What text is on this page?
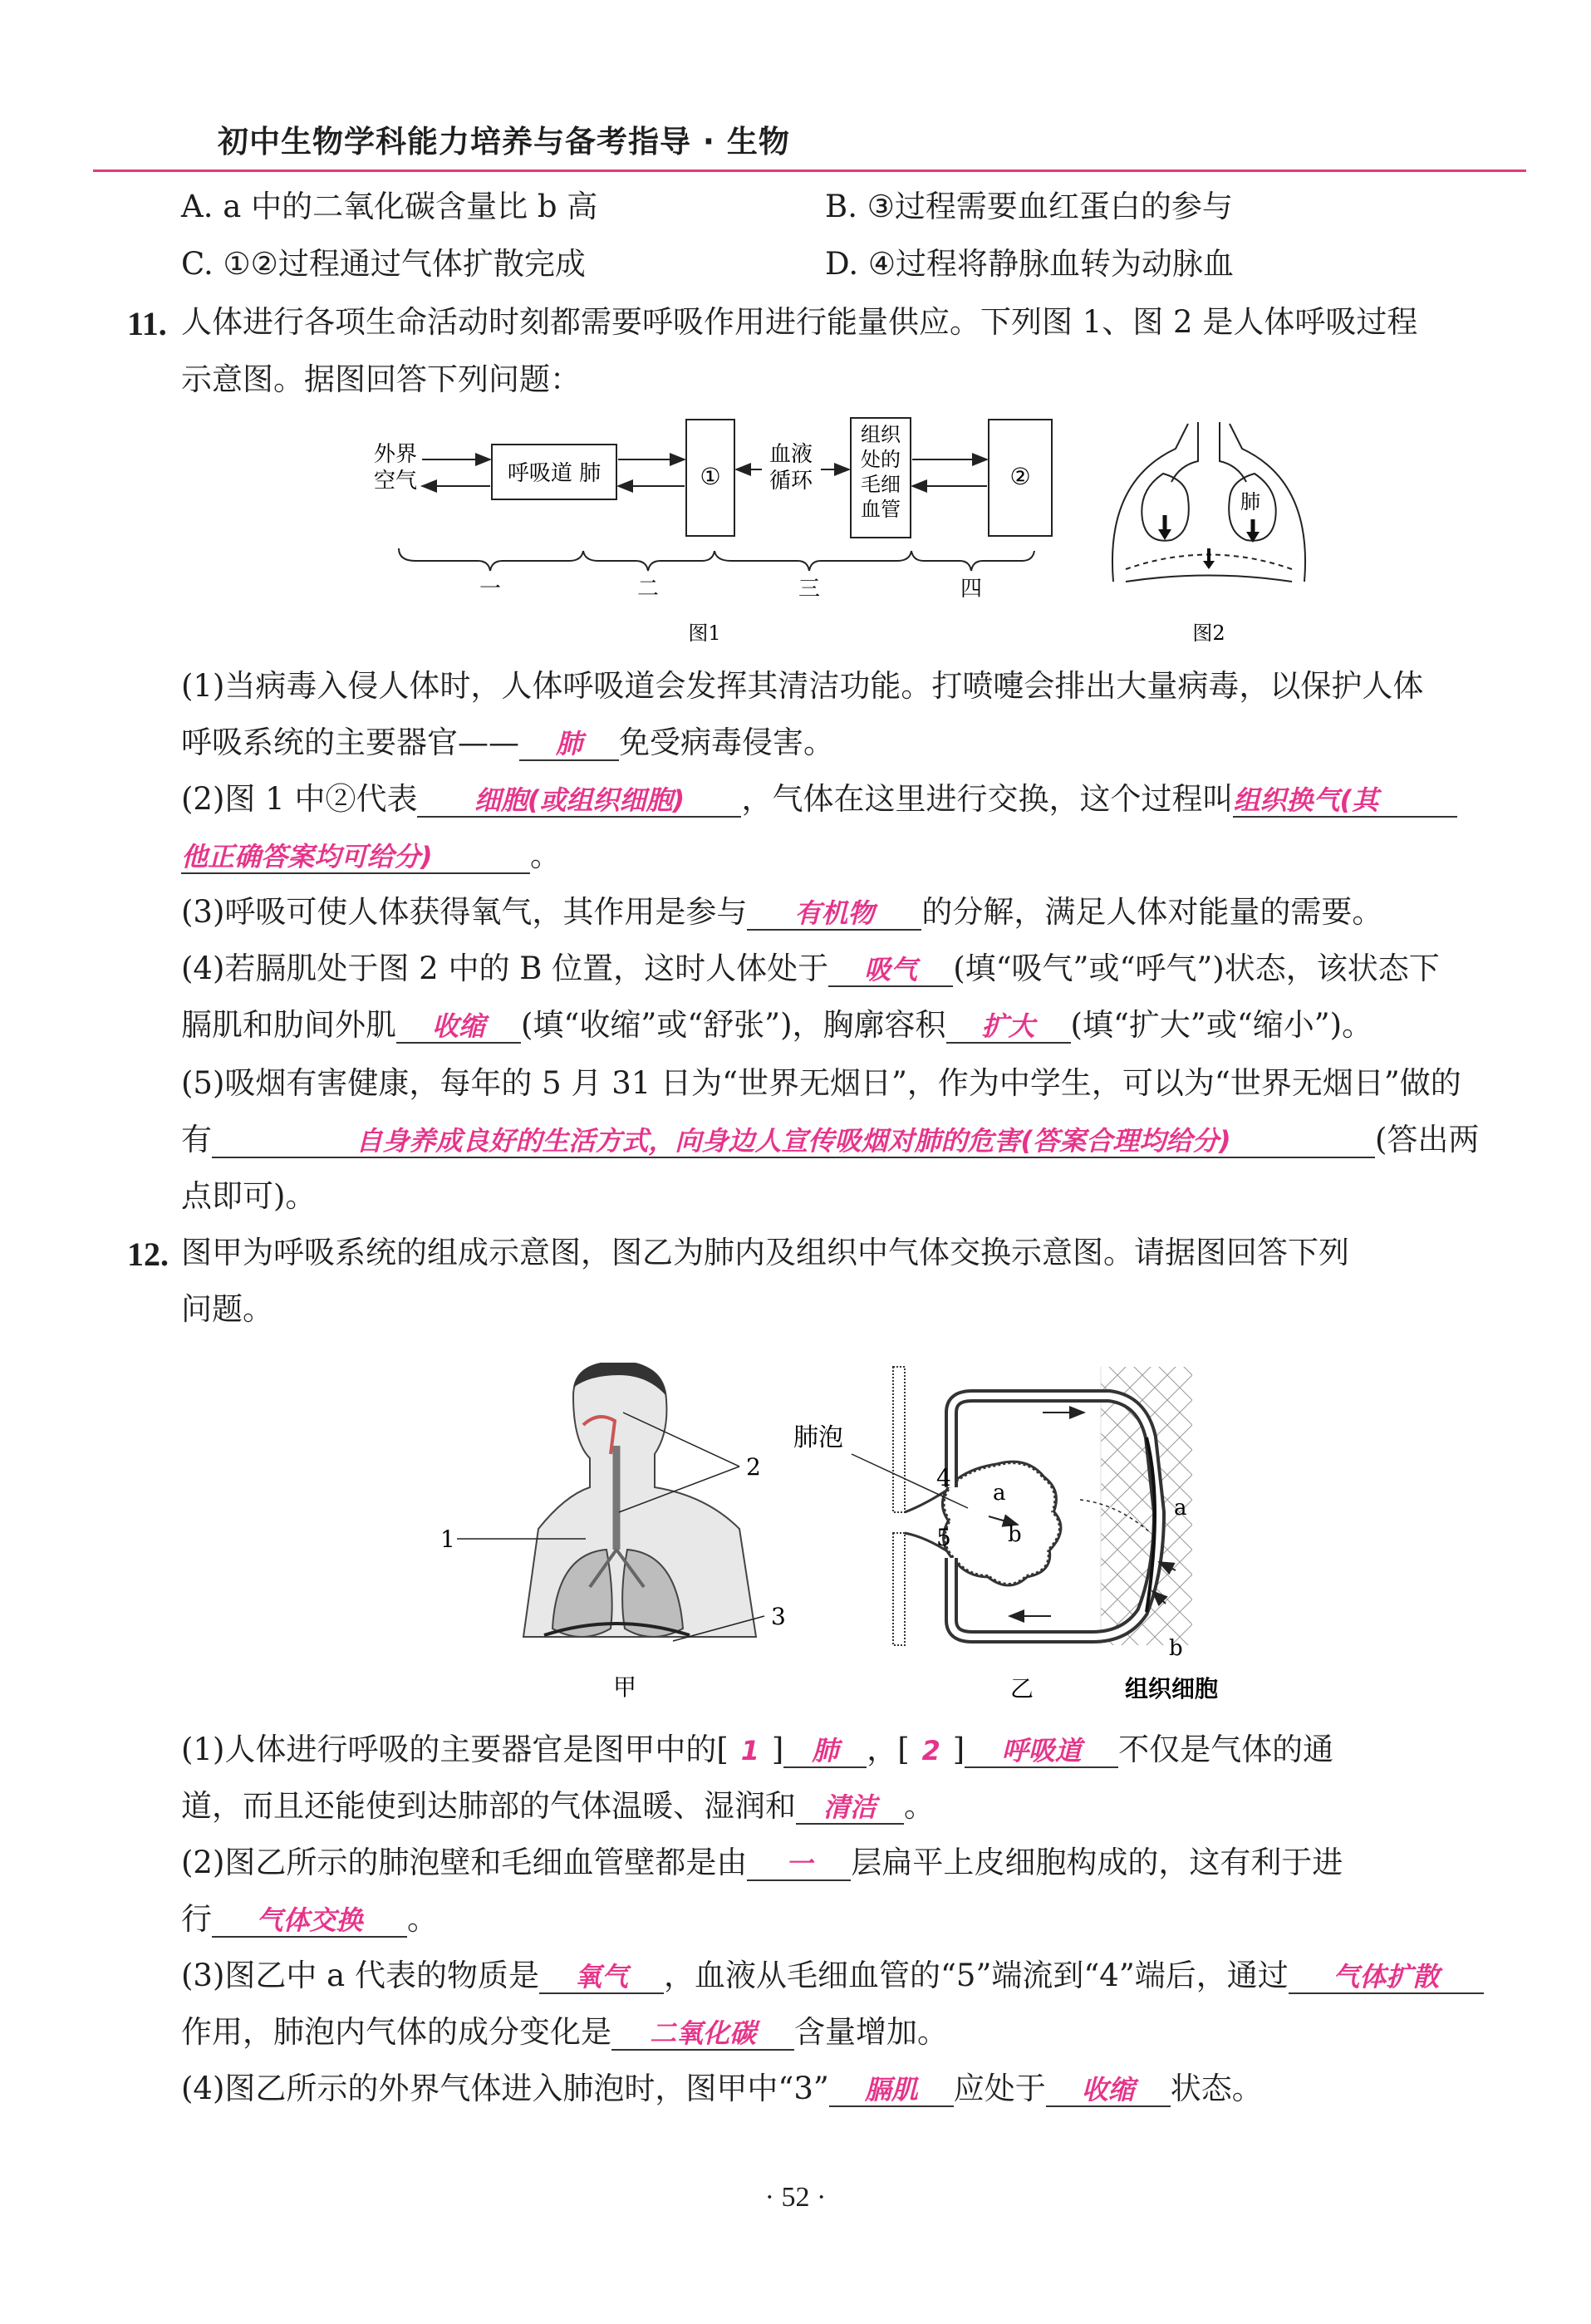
初中生物学科能力培养与备考指导 · 生物
A. a 中的二氧化碳含量比 b 高	B. ③过程需要血红蛋白的参与
C. ①②过程通过气体扩散完成	D. ④过程将静脉血转为动脉血
11. 人体进行各项生命活动时刻都需要呼吸作用进行能量供应。下列图 1、图 2 是人体呼吸过程
示意图。据图回答下列问题：
外界
空气	呼吸道 肺	①
血液
循环
组织
处的
毛细
血管
②
一	二	三	四
图1
肺
图2
(1)当病毒入侵人体时，人体呼吸道会发挥其清洁功能。打喷嚏会排出大量病毒，以保护人体
呼吸系统的主要器官—— 肺 免受病毒侵害。
(2)图 1 中②代表 细胞(或组织细胞) ，气体在这里进行交换，这个过程叫组织换气(其
他正确答案均可给分)	。
(3)呼吸可使人体获得氧气，其作用是参与 有机物 的分解，满足人体对能量的需要。
(4)若膈肌处于图 2 中的 B 位置，这时人体处于 吸气 (填“吸气”或“呼气”)状态，该状态下
膈肌和肋间外肌 收缩 (填“收缩”或“舒张”)，胸廓容积 扩大 (填“扩大”或“缩小”)。
(5)吸烟有害健康，每年的 5 月 31 日为“世界无烟日”，作为中学生，可以为“世界无烟日”做的
有	自身养成良好的生活方式，向身边人宣传吸烟对肺的危害(答案合理均给分)	(答出两
点即可)。
12. 图甲为呼吸系统的组成示意图，图乙为肺内及组织中气体交换示意图。请据图回答下列
问题。
1
2
3
甲
肺泡
4
5
a
b
a
b
乙	组织细胞
(1)人体进行呼吸的主要器官是图甲中的[ 1 ] 肺 ，[ 2 ] 呼吸道 不仅是气体的通
道，而且还能使到达肺部的气体温暖、湿润和 清洁 。
(2)图乙所示的肺泡壁和毛细血管壁都是由 一 层扁平上皮细胞构成的，这有利于进
行 气体交换 。
(3)图乙中 a 代表的物质是 氧气 ，血液从毛细血管的“5”端流到“4”端后，通过 气体扩散
作用，肺泡内气体的成分变化是 二氧化碳 含量增加。
(4)图乙所示的外界气体进入肺泡时，图甲中“3” 膈肌 应处于 收缩 状态。
· 52 ·
